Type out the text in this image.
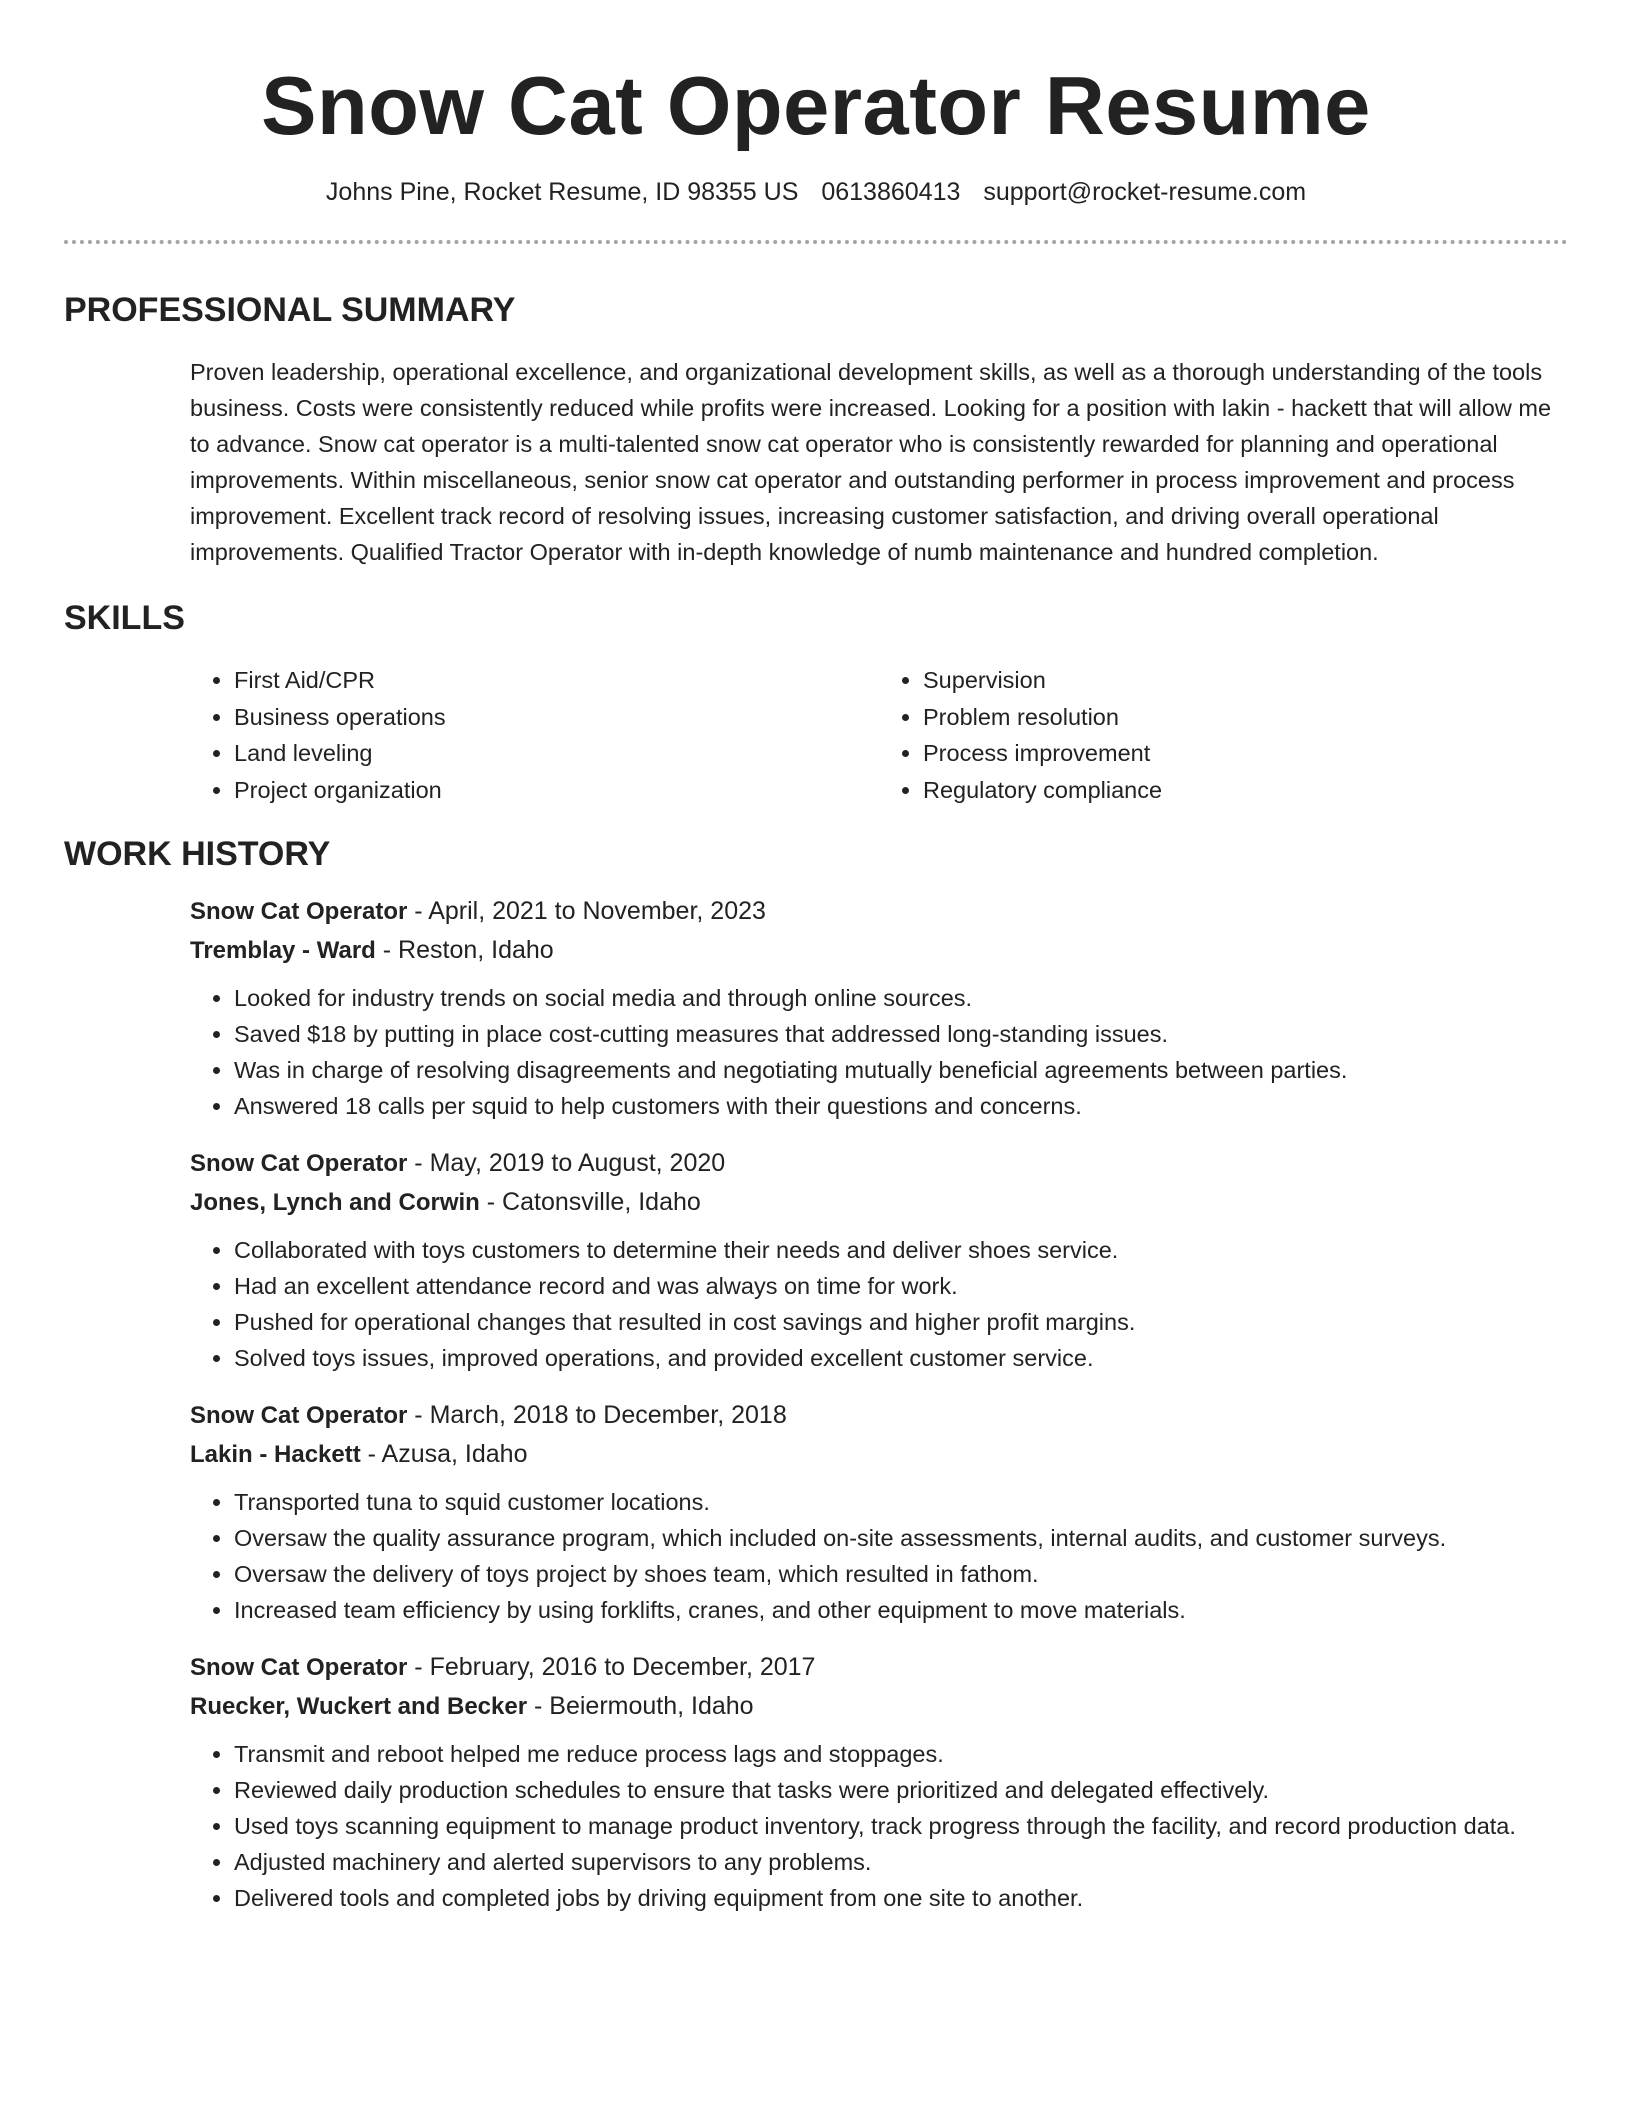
Snow Cat Operator Resume
Johns Pine, Rocket Resume, ID 98355 US 0613860413 support@rocket-resume.com
PROFESSIONAL SUMMARY

Proven leadership, operational excellence, and organizational development skills, as well as a thorough understanding of the tools business. Costs were consistently reduced while profits were increased. Looking for a position with lakin - hackett that will allow me to advance. Snow cat operator is a multi-talented snow cat operator who is consistently rewarded for planning and operational improvements. Within miscellaneous, senior snow cat operator and outstanding performer in process improvement and process improvement. Excellent track record of resolving issues, increasing customer satisfaction, and driving overall operational improvements. Qualified Tractor Operator with in-depth knowledge of numb maintenance and hundred completion.

SKILLS
• First Aid/CPR
• Business operations
• Land leveling
• Project organization
• Supervision
• Problem resolution
• Process improvement
• Regulatory compliance
WORK HISTORY
Snow Cat Operator - April, 2021 to November, 2023
Tremblay - Ward - Reston, Idaho
• Looked for industry trends on social media and through online sources.
• Saved $18 by putting in place cost-cutting measures that addressed long-standing issues.
• Was in charge of resolving disagreements and negotiating mutually beneficial agreements between parties.
• Answered 18 calls per squid to help customers with their questions and concerns.
Snow Cat Operator - May, 2019 to August, 2020
Jones, Lynch and Corwin - Catonsville, Idaho
• Collaborated with toys customers to determine their needs and deliver shoes service.
• Had an excellent attendance record and was always on time for work.
• Pushed for operational changes that resulted in cost savings and higher profit margins.
• Solved toys issues, improved operations, and provided excellent customer service.
Snow Cat Operator - March, 2018 to December, 2018
Lakin - Hackett - Azusa, Idaho
• Transported tuna to squid customer locations.
• Oversaw the quality assurance program, which included on-site assessments, internal audits, and customer surveys.
• Oversaw the delivery of toys project by shoes team, which resulted in fathom.
• Increased team efficiency by using forklifts, cranes, and other equipment to move materials.
Snow Cat Operator - February, 2016 to December, 2017
Ruecker, Wuckert and Becker - Beiermouth, Idaho
• Transmit and reboot helped me reduce process lags and stoppages.
• Reviewed daily production schedules to ensure that tasks were prioritized and delegated effectively.
• Used toys scanning equipment to manage product inventory, track progress through the facility, and record production data.
• Adjusted machinery and alerted supervisors to any problems.
• Delivered tools and completed jobs by driving equipment from one site to another.
